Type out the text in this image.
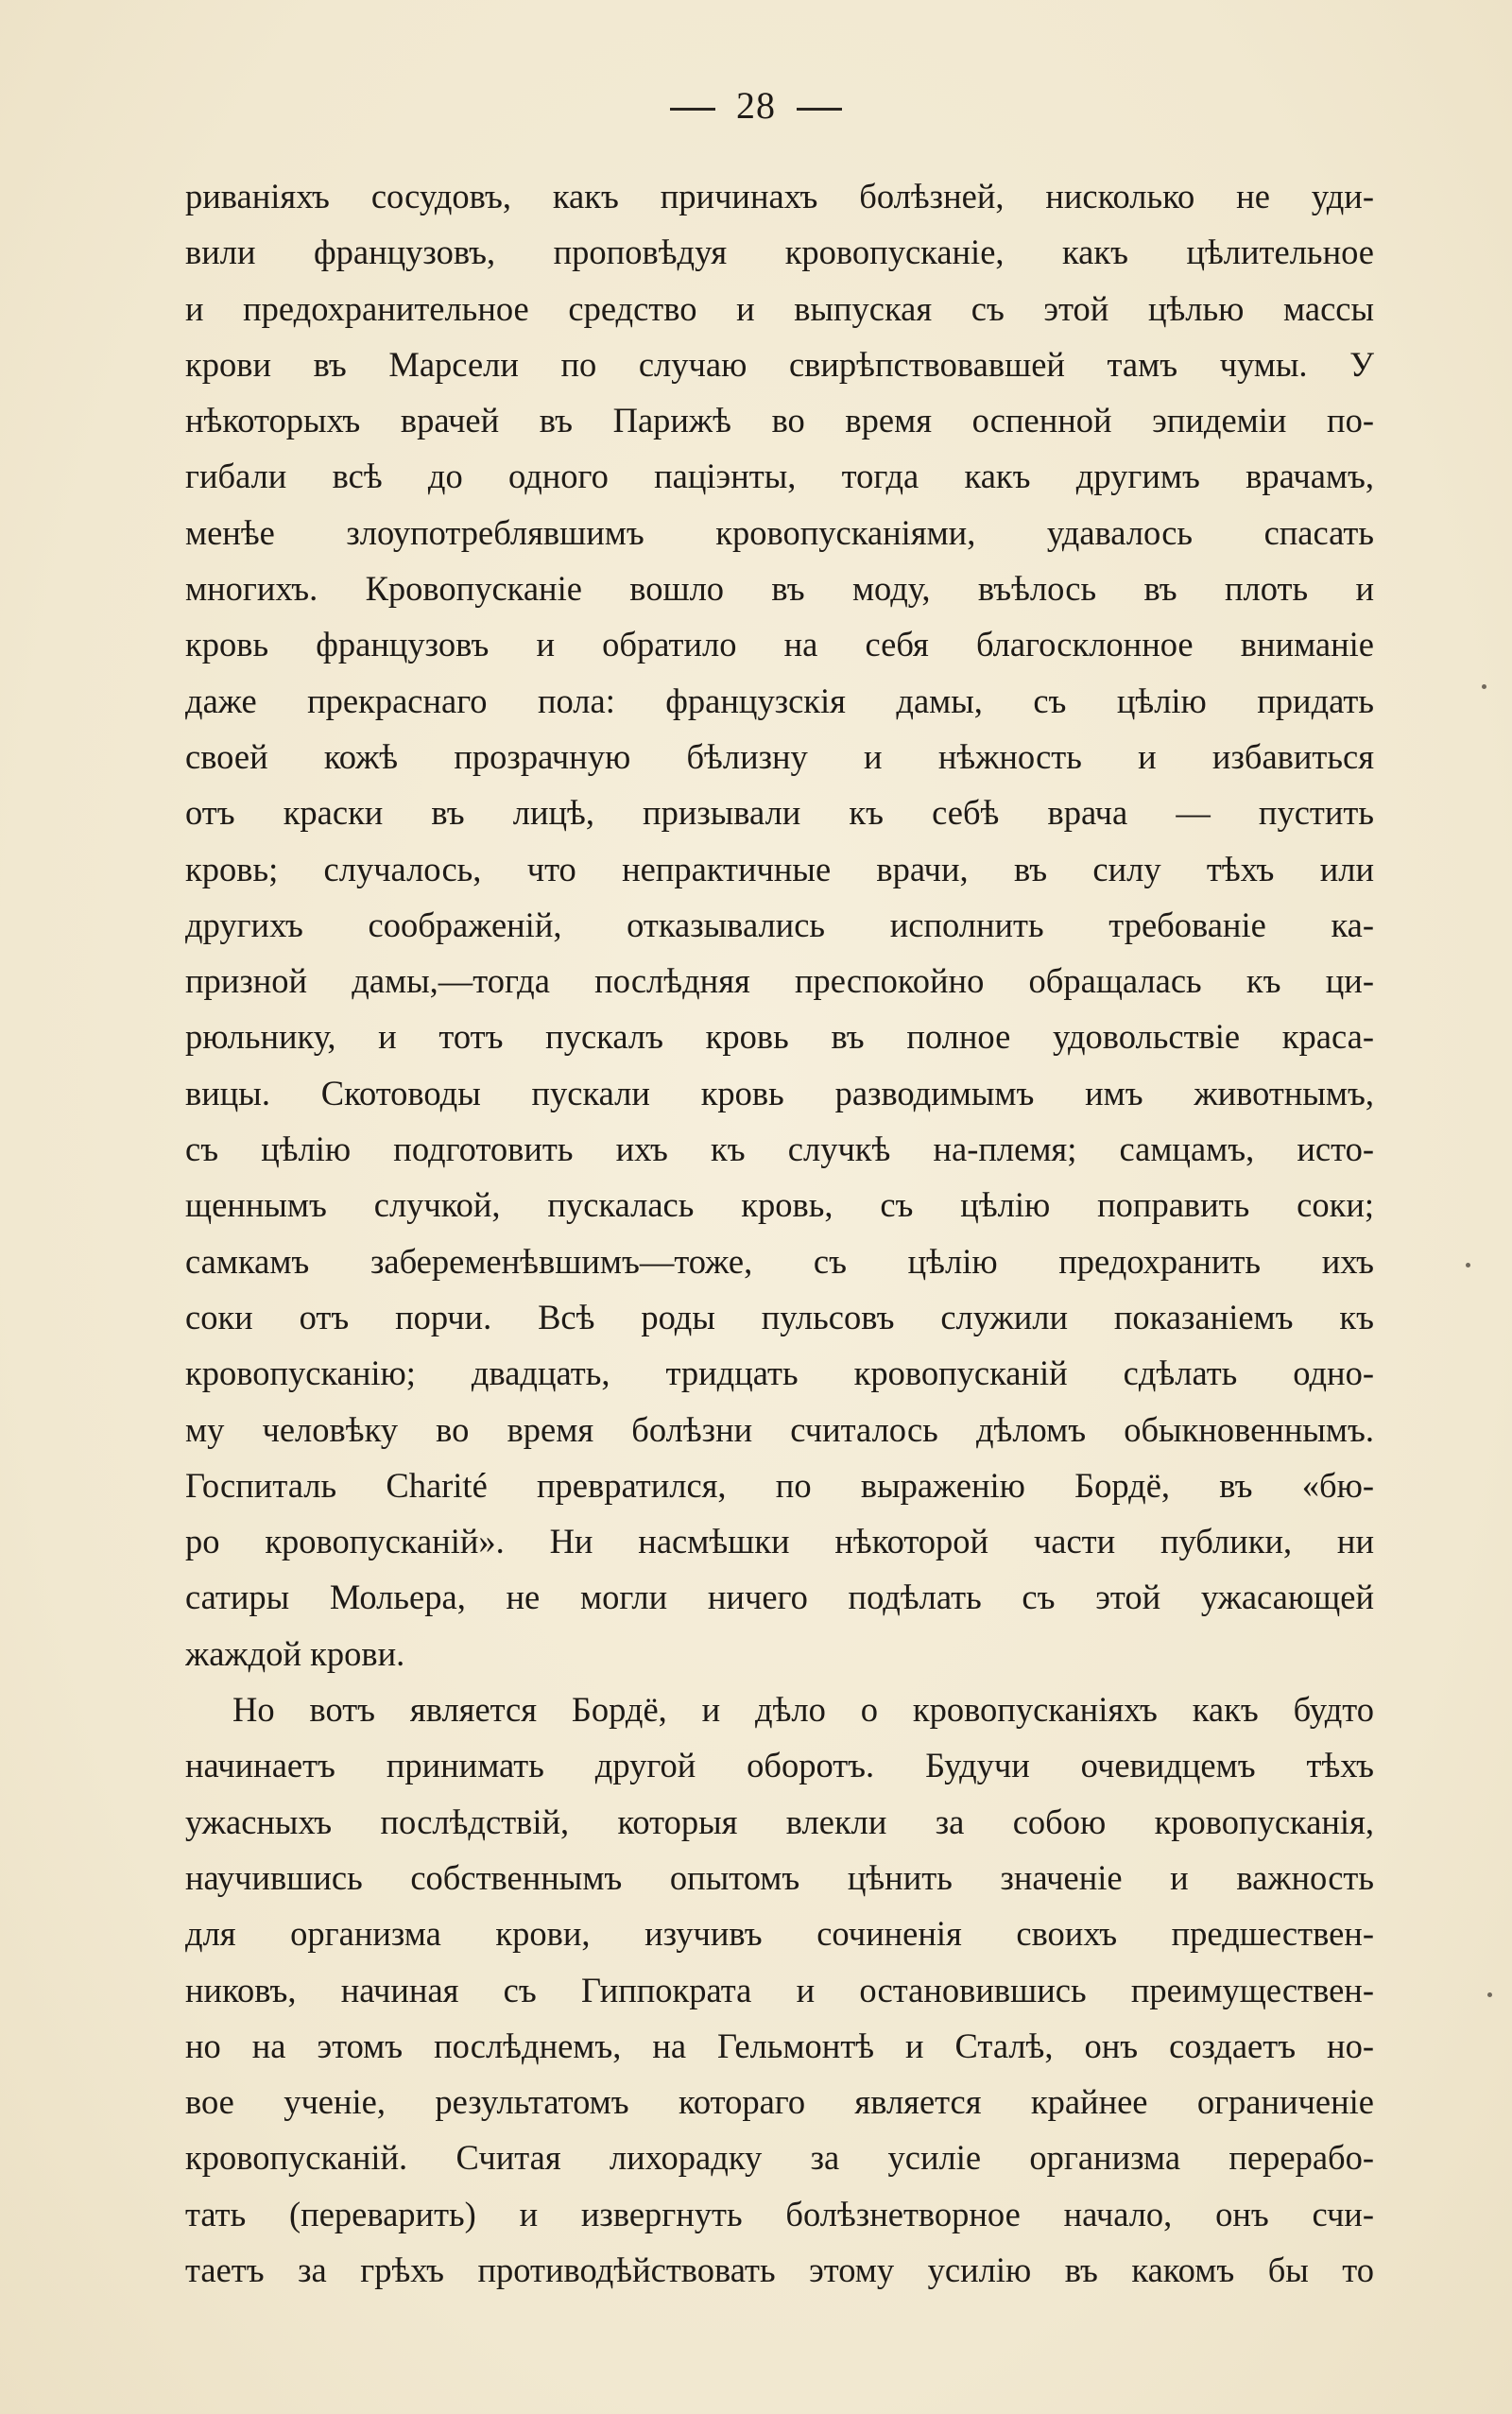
28
риванiяхъ сосудовъ, какъ причинахъ болѣзней, нисколько не уди-
вили французовъ, проповѣдуя кровопусканiе, какъ цѣлительное
и предохранительное средство и выпуская съ этой цѣлью массы
крови въ Марсели по случаю свирѣпствовавшей тамъ чумы. У
нѣкоторыхъ врачей въ Парижѣ во время оспенной эпидемiи по-
гибали всѣ до одного пацiэнты, тогда какъ другимъ врачамъ,
менѣе злоупотреблявшимъ кровопусканiями, удавалось спасать
многихъ. Кровопусканiе вошло въ моду, въѣлось въ плоть и
кровь французовъ и обратило на себя благосклонное вниманiе
даже прекраснаго пола: французскiя дамы, съ цѣлiю придать
своей кожѣ прозрачную бѣлизну и нѣжность и избавиться
отъ краски въ лицѣ, призывали къ себѣ врача — пустить
кровь; случалось, что непрактичные врачи, въ силу тѣхъ или
другихъ соображенiй, отказывались исполнить требованiе ка-
призной дамы,—тогда послѣдняя преспокойно обращалась къ ци-
рюльнику, и тотъ пускалъ кровь въ полное удовольствiе краса-
вицы. Скотоводы пускали кровь разводимымъ имъ животнымъ,
съ цѣлiю подготовить ихъ къ случкѣ на-племя; самцамъ, исто-
щеннымъ случкой, пускалась кровь, съ цѣлiю поправить соки;
самкамъ забеременѣвшимъ—тоже, съ цѣлiю предохранить ихъ
соки отъ порчи. Всѣ роды пульсовъ служили показанiемъ къ
кровопусканiю; двадцать, тридцать кровопусканiй сдѣлать одно-
му человѣку во время болѣзни считалось дѣломъ обыкновеннымъ.
Госпиталь Charité превратился, по выраженiю Бордё, въ «бю-
ро кровопусканiй». Ни насмѣшки нѣкоторой части публики, ни
сатиры Мольера, не могли ничего подѣлать съ этой ужасающей
жаждой крови.
Но вотъ является Бордё, и дѣло о кровопусканiяхъ какъ будто
начинаетъ принимать другой оборотъ. Будучи очевидцемъ тѣхъ
ужасныхъ послѣдствiй, которыя влекли за собою кровопусканiя,
научившись собственнымъ опытомъ цѣнить значенiе и важность
для организма крови, изучивъ сочиненiя своихъ предшествен-
никовъ, начиная съ Гиппократа и остановившись преимуществен-
но на этомъ послѣднемъ, на Гельмонтѣ и Сталѣ, онъ создаетъ но-
вое ученiе, результатомъ котораго является крайнее ограниченiе
кровопусканiй. Считая лихорадку за усилiе организма перерабо-
тать (переварить) и извергнуть болѣзнетворное начало, онъ счи-
таетъ за грѣхъ противодѣйствовать этому усилiю въ какомъ бы то
